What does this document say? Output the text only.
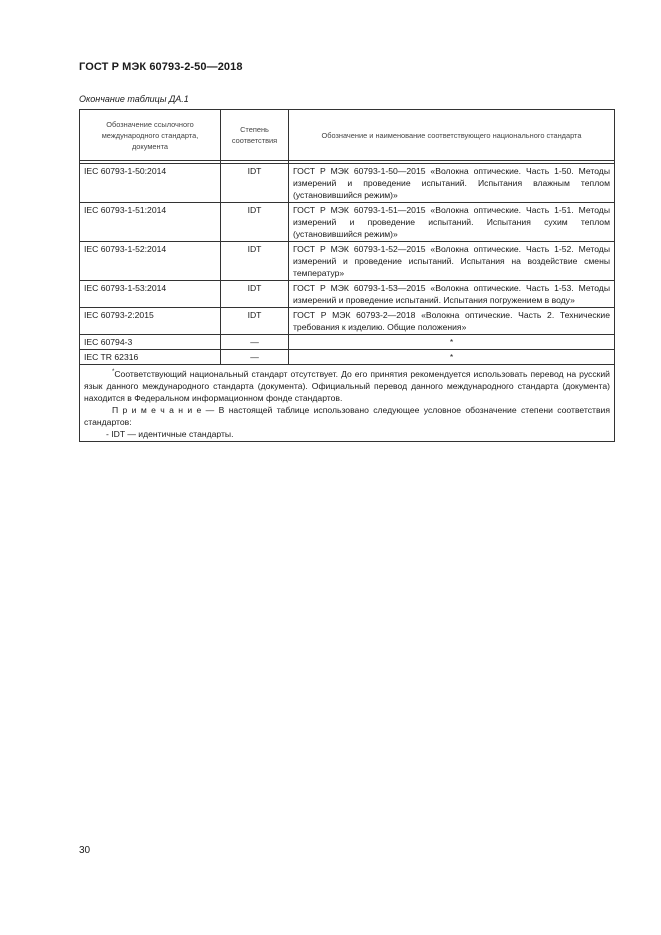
ГОСТ Р МЭК 60793-2-50—2018
Окончание таблицы ДА.1
Обозначение ссылочного международного стандарта, документа	Степень соответствия	Обозначение и наименование соответствующего национального стандарта

IEC 60793-1-50:2014	IDT	ГОСТ Р МЭК 60793-1-50—2015 «Волокна оптические. Часть 1-50. Методы измерений и проведение испытаний. Испытания влажным теплом (установившийся режим)»
IEC 60793-1-51:2014	IDT	ГОСТ Р МЭК 60793-1-51—2015 «Волокна оптические. Часть 1-51. Методы измерений и проведение испытаний. Испытания сухим теплом (установившийся режим)»
IEC 60793-1-52:2014	IDT	ГОСТ Р МЭК 60793-1-52—2015 «Волокна оптические. Часть 1-52. Методы измерений и проведение испытаний. Испытания на воздействие смены температур»
IEC 60793-1-53:2014	IDT	ГОСТ Р МЭК 60793-1-53—2015 «Волокна оптические. Часть 1-53. Методы измерений и проведение испытаний. Испытания погружением в воду»
IEC 60793-2:2015	IDT	ГОСТ Р МЭК 60793-2—2018 «Волокна оптические. Часть 2. Технические требования к изделию. Общие положения»
IEC 60794-3	—	*
IEC TR 62316	—	*

*Соответствующий национальный стандарт отсутствует. До его принятия рекомендуется использовать перевод на русский язык данного международного стандарта (документа). Официальный перевод данного международного стандарта (документа) находится в Федеральном информационном фонде стандартов.

П р и м е ч а н и е — В настоящей таблице использовано следующее условное обозначение степени соответствия стандартов:

- IDT — идентичные стандарты.		

30
